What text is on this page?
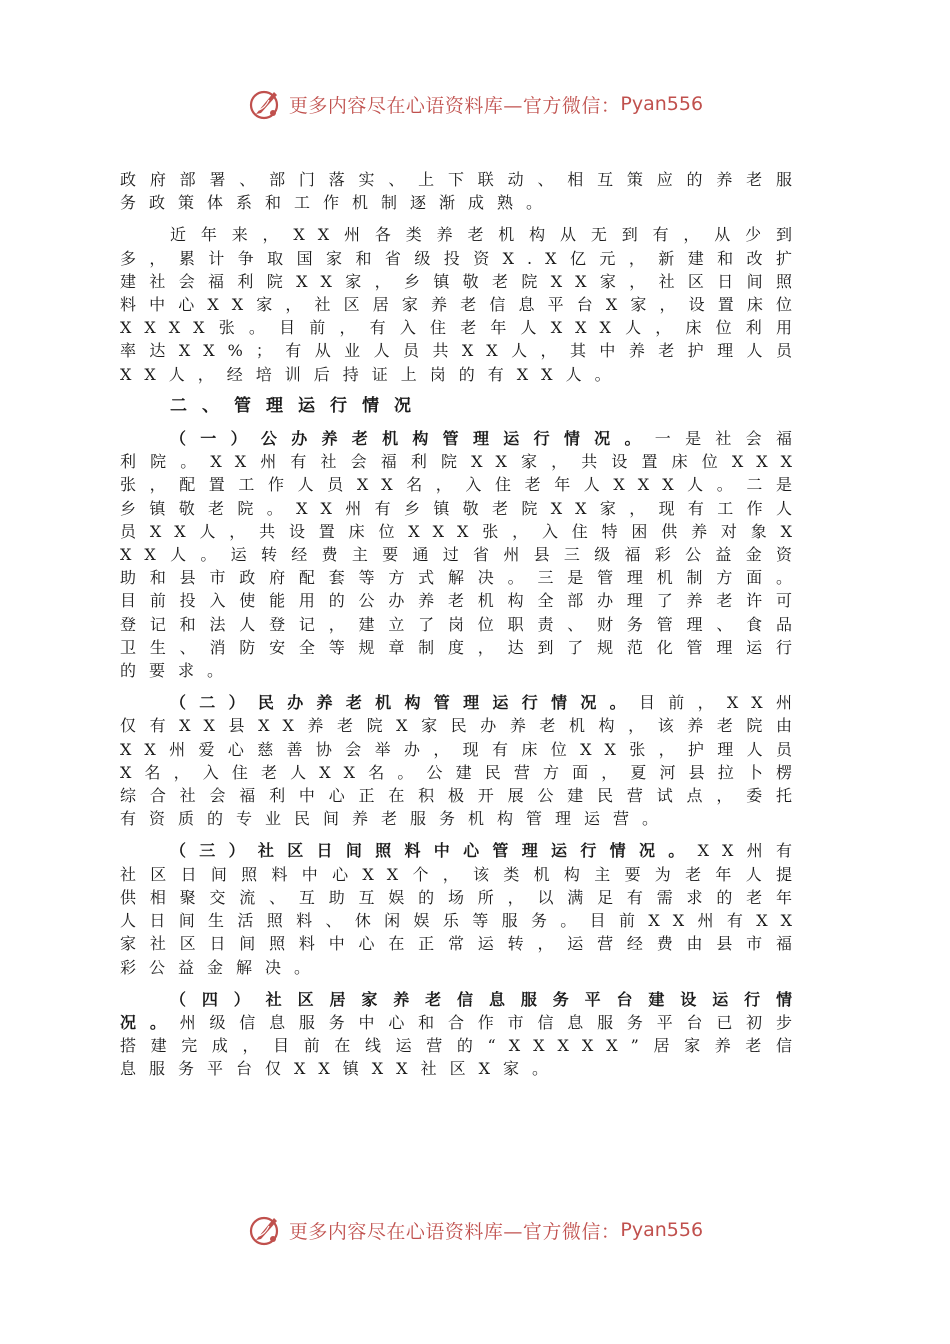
更多内容尽在心语资料库—官方微信： Pyan556

政府部署、部门落实、上下联动、相互策应的养老服务政策体系和工作机制逐渐成熟。

近年来，XX州各类养老机构从无到有，从少到多，累计争取国家和省级投资X.X亿元，新建和改扩建社会福利院XX家，乡镇敬老院XX家，社区日间照料中心XX家，社区居家养老信息平台X家，设置床位XXXX张。目前，有入住老年人XXX人，床位利用率达XX%；有从业人员共XX人，其中养老护理人员XX人，经培训后持证上岗的有XX人。

二、管理运行情况

（一）公办养老机构管理运行情况。一是社会福利院。XX州有社会福利院XX家，共设置床位XXX张，配置工作人员XX名，入住老年人XXX人。二是乡镇敬老院。XX州有乡镇敬老院XX家，现有工作人员XX人，共设置床位XXX张，入住特困供养对象XXX人。运转经费主要通过省州县三级福彩公益金资助和县市政府配套等方式解决。三是管理机制方面。目前投入使能用的公办养老机构全部办理了养老许可登记和法人登记，建立了岗位职责、财务管理、食品卫生、消防安全等规章制度，达到了规范化管理运行的要求。

（二）民办养老机构管理运行情况。目前，XX州仅有XX县XX养老院X家民办养老机构，该养老院由XX州爱心慈善协会举办，现有床位XX张，护理人员X名，入住老人XX名。公建民营方面，夏河县拉卜楞综合社会福利中心正在积极开展公建民营试点，委托有资质的专业民间养老服务机构管理运营。

（三）社区日间照料中心管理运行情况。XX州有社区日间照料中心XX个，该类机构主要为老年人提供相聚交流、互助互娱的场所，以满足有需求的老年人日间生活照料、休闲娱乐等服务。目前XX州有XX家社区日间照料中心在正常运转，运营经费由县市福彩公益金解决。

（四）社区居家养老信息服务平台建设运行情况。州级信息服务中心和合作市信息服务平台已初步搭建完成，目前在线运营的“XXXXX”居家养老信息服务平台仅XX镇XX社区X家。

更多内容尽在心语资料库—官方微信： Pyan556
